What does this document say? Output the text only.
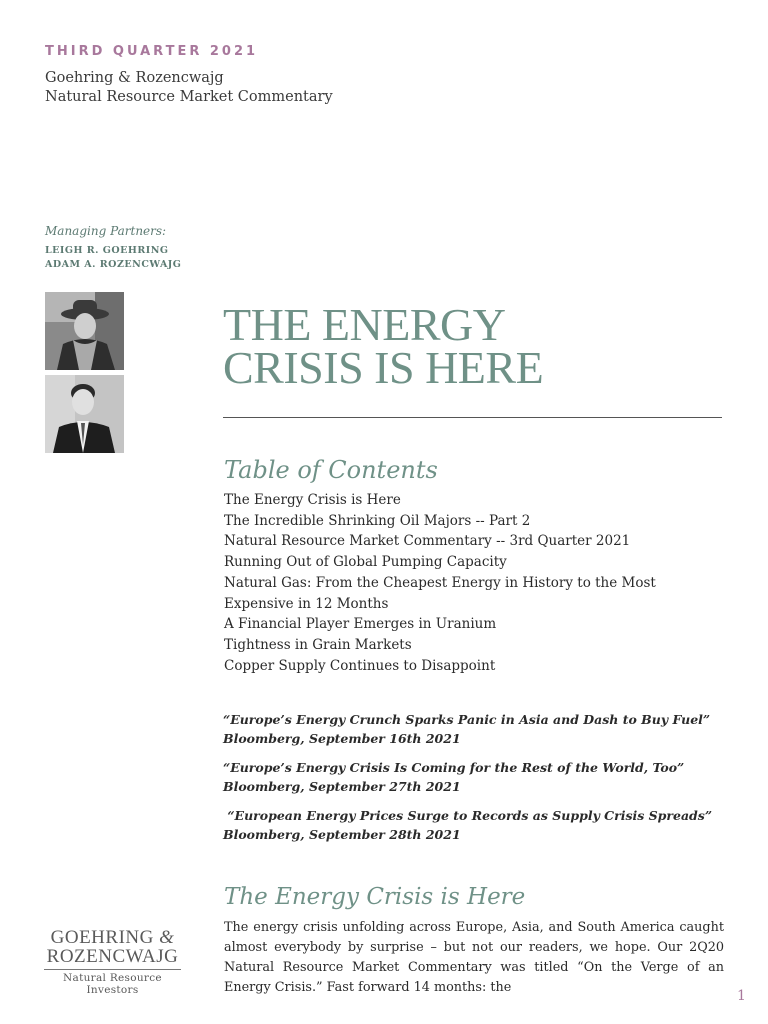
THIRD QUARTER 2021
Goehring & Rozencwajg
Natural Resource Market Commentary
Managing Partners:
LEIGH R. GOEHRING
ADAM A. ROZENCWAJG
THE ENERGY
CRISIS IS HERE
Table of Contents
The Energy Crisis is Here
The Incredible Shrinking Oil Majors -- Part 2
Natural Resource Market Commentary -- 3rd Quarter 2021
Running Out of Global Pumping Capacity
Natural Gas: From the Cheapest Energy in History to the Most Expensive in 12 Months
A Financial Player Emerges in Uranium
Tightness in Grain Markets
Copper Supply Continues to Disappoint

“Europe’s Energy Crunch Sparks Panic in Asia and Dash to Buy Fuel” Bloomberg, September 16th 2021

“Europe’s Energy Crisis Is Coming for the Rest of the World, Too” Bloomberg, September 27th 2021

“European Energy Prices Surge to Records as Supply Crisis Spreads” Bloomberg, September 28th 2021

The Energy Crisis is Here
The energy crisis unfolding across Europe, Asia, and South America caught almost everybody by surprise – but not our readers, we hope. Our 2Q20 Natural Resource Market Commentary was titled “On the Verge of an Energy Crisis.” Fast forward 14 months: the
GOEHRING &
ROZENCWAJG
Natural Resource Investors	1
